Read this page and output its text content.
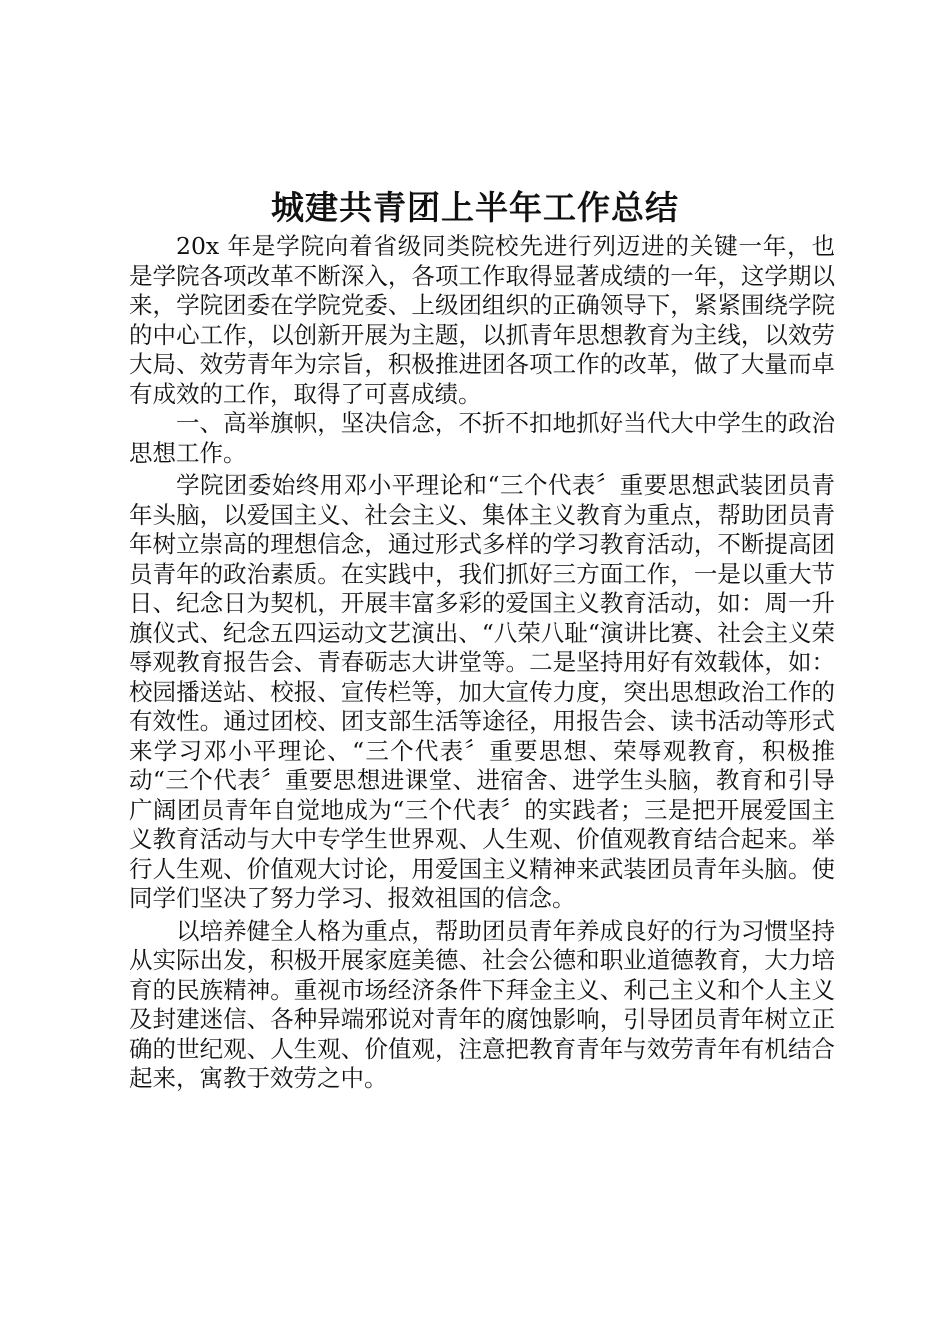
城建共青团上半年工作总结

20x 年是学院向着省级同类院校先进行列迈进的关键一年，也是学院各项改革不断深入，各项工作取得显著成绩的一年，这学期以来，学院团委在学院党委、上级团组织的正确领导下，紧紧围绕学院的中心工作，以创新开展为主题，以抓青年思想教育为主线，以效劳大局、效劳青年为宗旨，积极推进团各项工作的改革，做了大量而卓有成效的工作，取得了可喜成绩。

一、高举旗帜，坚决信念，不折不扣地抓好当代大中学生的政治思想工作。

学院团委始终用邓小平理论和“三个代表〞重要思想武装团员青年头脑，以爱国主义、社会主义、集体主义教育为重点，帮助团员青年树立崇高的理想信念，通过形式多样的学习教育活动，不断提高团员青年的政治素质。在实践中，我们抓好三方面工作，一是以重大节日、纪念日为契机，开展丰富多彩的爱国主义教育活动，如：周一升旗仪式、纪念五四运动文艺演出、“八荣八耻“演讲比赛、社会主义荣辱观教育报告会、青春砺志大讲堂等。二是坚持用好有效载体，如：校园播送站、校报、宣传栏等，加大宣传力度，突出思想政治工作的有效性。通过团校、团支部生活等途径，用报告会、读书活动等形式来学习邓小平理论、“三个代表〞重要思想、荣辱观教育，积极推动“三个代表〞重要思想进课堂、进宿舍、进学生头脑，教育和引导广阔团员青年自觉地成为“三个代表〞的实践者；三是把开展爱国主义教育活动与大中专学生世界观、人生观、价值观教育结合起来。举行人生观、价值观大讨论，用爱国主义精神来武装团员青年头脑。使同学们坚决了努力学习、报效祖国的信念。

以培养健全人格为重点，帮助团员青年养成良好的行为习惯坚持从实际出发，积极开展家庭美德、社会公德和职业道德教育，大力培育的民族精神。重视市场经济条件下拜金主义、利己主义和个人主义及封建迷信、各种异端邪说对青年的腐蚀影响，引导团员青年树立正确的世纪观、人生观、价值观，注意把教育青年与效劳青年有机结合起来，寓教于效劳之中。
